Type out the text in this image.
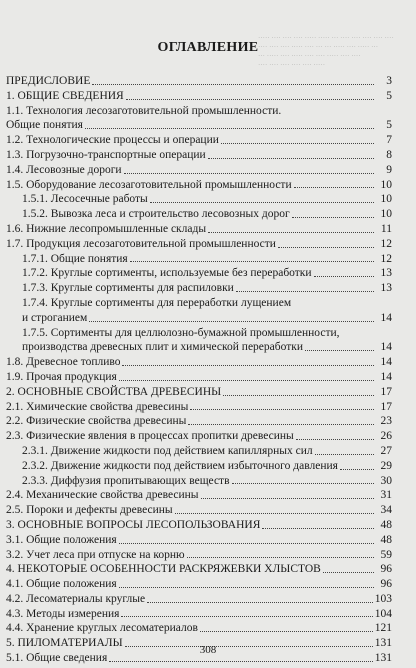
····· ···· ···· ···· ····· ····· ··· ···· ···· ···· ···· ····
···· ···· ···· ····· ···· ··· ··· ····· ···· ····· ···
··· ····· ···· ····· ···· ···· ····· ···· ····
···· ···· ···· ···· ···· ·····
ОГЛАВЛЕНИЕ
ПРЕДИСЛОВИЕ	3
1. ОБЩИЕ СВЕДЕНИЯ	5
1.1. Технология лесозаготовительной промышленности.
Общие понятия	5
1.2. Технологические процессы и операции	7
1.3. Погрузочно-транспортные операции	8
1.4. Лесовозные дороги	9
1.5. Оборудование лесозаготовительной промышленности	10
1.5.1. Лесосечные работы	10
1.5.2. Вывозка леса и строительство лесовозных дорог	10
1.6. Нижние лесопромышленные склады	11
1.7. Продукция лесозаготовительной промышленности	12
1.7.1. Общие понятия	12
1.7.2. Круглые сортименты, используемые без переработки	13
1.7.3. Круглые сортименты для распиловки	13
1.7.4. Круглые сортименты для переработки лущением
и строганием	14
1.7.5. Сортименты для целлюлозно-бумажной промышленности,
производства древесных плит и химической переработки	14
1.8. Древесное топливо	14
1.9. Прочая продукция	14
2. ОСНОВНЫЕ СВОЙСТВА ДРЕВЕСИНЫ	17
2.1. Химические свойства древесины	17
2.2. Физические свойства древесины	23
2.3. Физические явления в процессах пропитки древесины	26
2.3.1. Движение жидкости под действием капиллярных сил	27
2.3.2. Движение жидкости под действием избыточного давления	29
2.3.3. Диффузия пропитывающих веществ	30
2.4. Механические свойства древесины	31
2.5. Пороки и дефекты древесины	34
3. ОСНОВНЫЕ ВОПРОСЫ ЛЕСОПОЛЬЗОВАНИЯ	48
3.1. Общие положения	48
3.2. Учет леса при отпуске на корню	59
4. НЕКОТОРЫЕ ОСОБЕННОСТИ РАСКРЯЖЕВКИ ХЛЫСТОВ	96
4.1. Общие положения	96
4.2. Лесоматериалы круглые	103
4.3. Методы измерения	104
4.4. Хранение круглых лесоматериалов	121
5. ПИЛОМАТЕРИАЛЫ	131
5.1. Общие сведения	131
308
